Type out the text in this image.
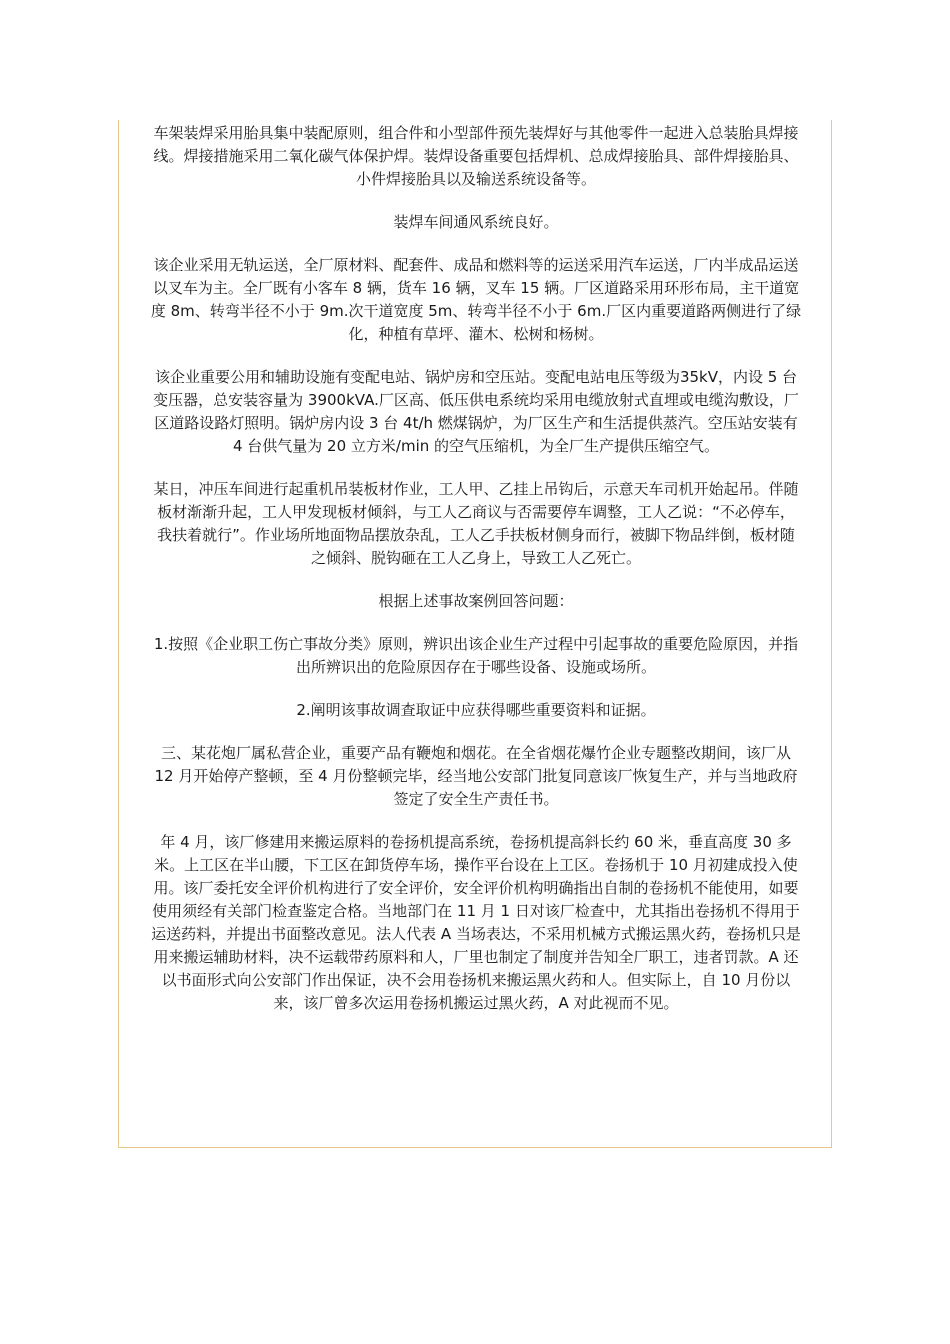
车架装焊采用胎具集中装配原则，组合件和小型部件预先装焊好与其他零件一起进入总装胎具焊接线。焊接措施采用二氧化碳气体保护焊。装焊设备重要包括焊机、总成焊接胎具、部件焊接胎具、小件焊接胎具以及输送系统设备等。

装焊车间通风系统良好。

该企业采用无轨运送，全厂原材料、配套件、成品和燃料等的运送采用汽车运送，厂内半成品运送以叉车为主。全厂既有小客车 8 辆，货车 16 辆，叉车 15 辆。厂区道路采用环形布局，主干道宽度 8m、转弯半径不小于 9m.次干道宽度 5m、转弯半径不小于 6m.厂区内重要道路两侧进行了绿化，种植有草坪、灌木、松树和杨树。

该企业重要公用和辅助设施有变配电站、锅炉房和空压站。变配电站电压等级为35kV，内设 5 台变压器，总安装容量为 3900kVA.厂区高、低压供电系统均采用电缆放射式直埋或电缆沟敷设，厂区道路设路灯照明。锅炉房内设 3 台 4t/h 燃煤锅炉，为厂区生产和生活提供蒸汽。空压站安装有 4 台供气量为 20 立方米/min 的空气压缩机，为全厂生产提供压缩空气。

某日，冲压车间进行起重机吊装板材作业，工人甲、乙挂上吊钩后，示意天车司机开始起吊。伴随板材渐渐升起，工人甲发现板材倾斜，与工人乙商议与否需要停车调整，工人乙说：“不必停车，我扶着就行”。作业场所地面物品摆放杂乱，工人乙手扶板材侧身而行，被脚下物品绊倒，板材随之倾斜、脱钩砸在工人乙身上，导致工人乙死亡。

根据上述事故案例回答问题：

1.按照《企业职工伤亡事故分类》原则，辨识出该企业生产过程中引起事故的重要危险原因，并指出所辨识出的危险原因存在于哪些设备、设施或场所。

2.阐明该事故调查取证中应获得哪些重要资料和证据。

三、某花炮厂属私营企业，重要产品有鞭炮和烟花。在全省烟花爆竹企业专题整改期间，该厂从 12 月开始停产整顿，至 4 月份整顿完毕，经当地公安部门批复同意该厂恢复生产，并与当地政府签定了安全生产责任书。

年 4 月，该厂修建用来搬运原料的卷扬机提高系统，卷扬机提高斜长约 60 米，垂直高度 30 多米。上工区在半山腰，下工区在卸货停车场，操作平台设在上工区。卷扬机于 10 月初建成投入使用。该厂委托安全评价机构进行了安全评价，安全评价机构明确指出自制的卷扬机不能使用，如要使用须经有关部门检查鉴定合格。当地部门在 11 月 1 日对该厂检查中，尤其指出卷扬机不得用于运送药料，并提出书面整改意见。法人代表 A 当场表达，不采用机械方式搬运黑火药，卷扬机只是用来搬运辅助材料，决不运载带药原料和人，厂里也制定了制度并告知全厂职工，违者罚款。A 还以书面形式向公安部门作出保证，决不会用卷扬机来搬运黑火药和人。但实际上，自 10 月份以来，该厂曾多次运用卷扬机搬运过黑火药，A 对此视而不见。
